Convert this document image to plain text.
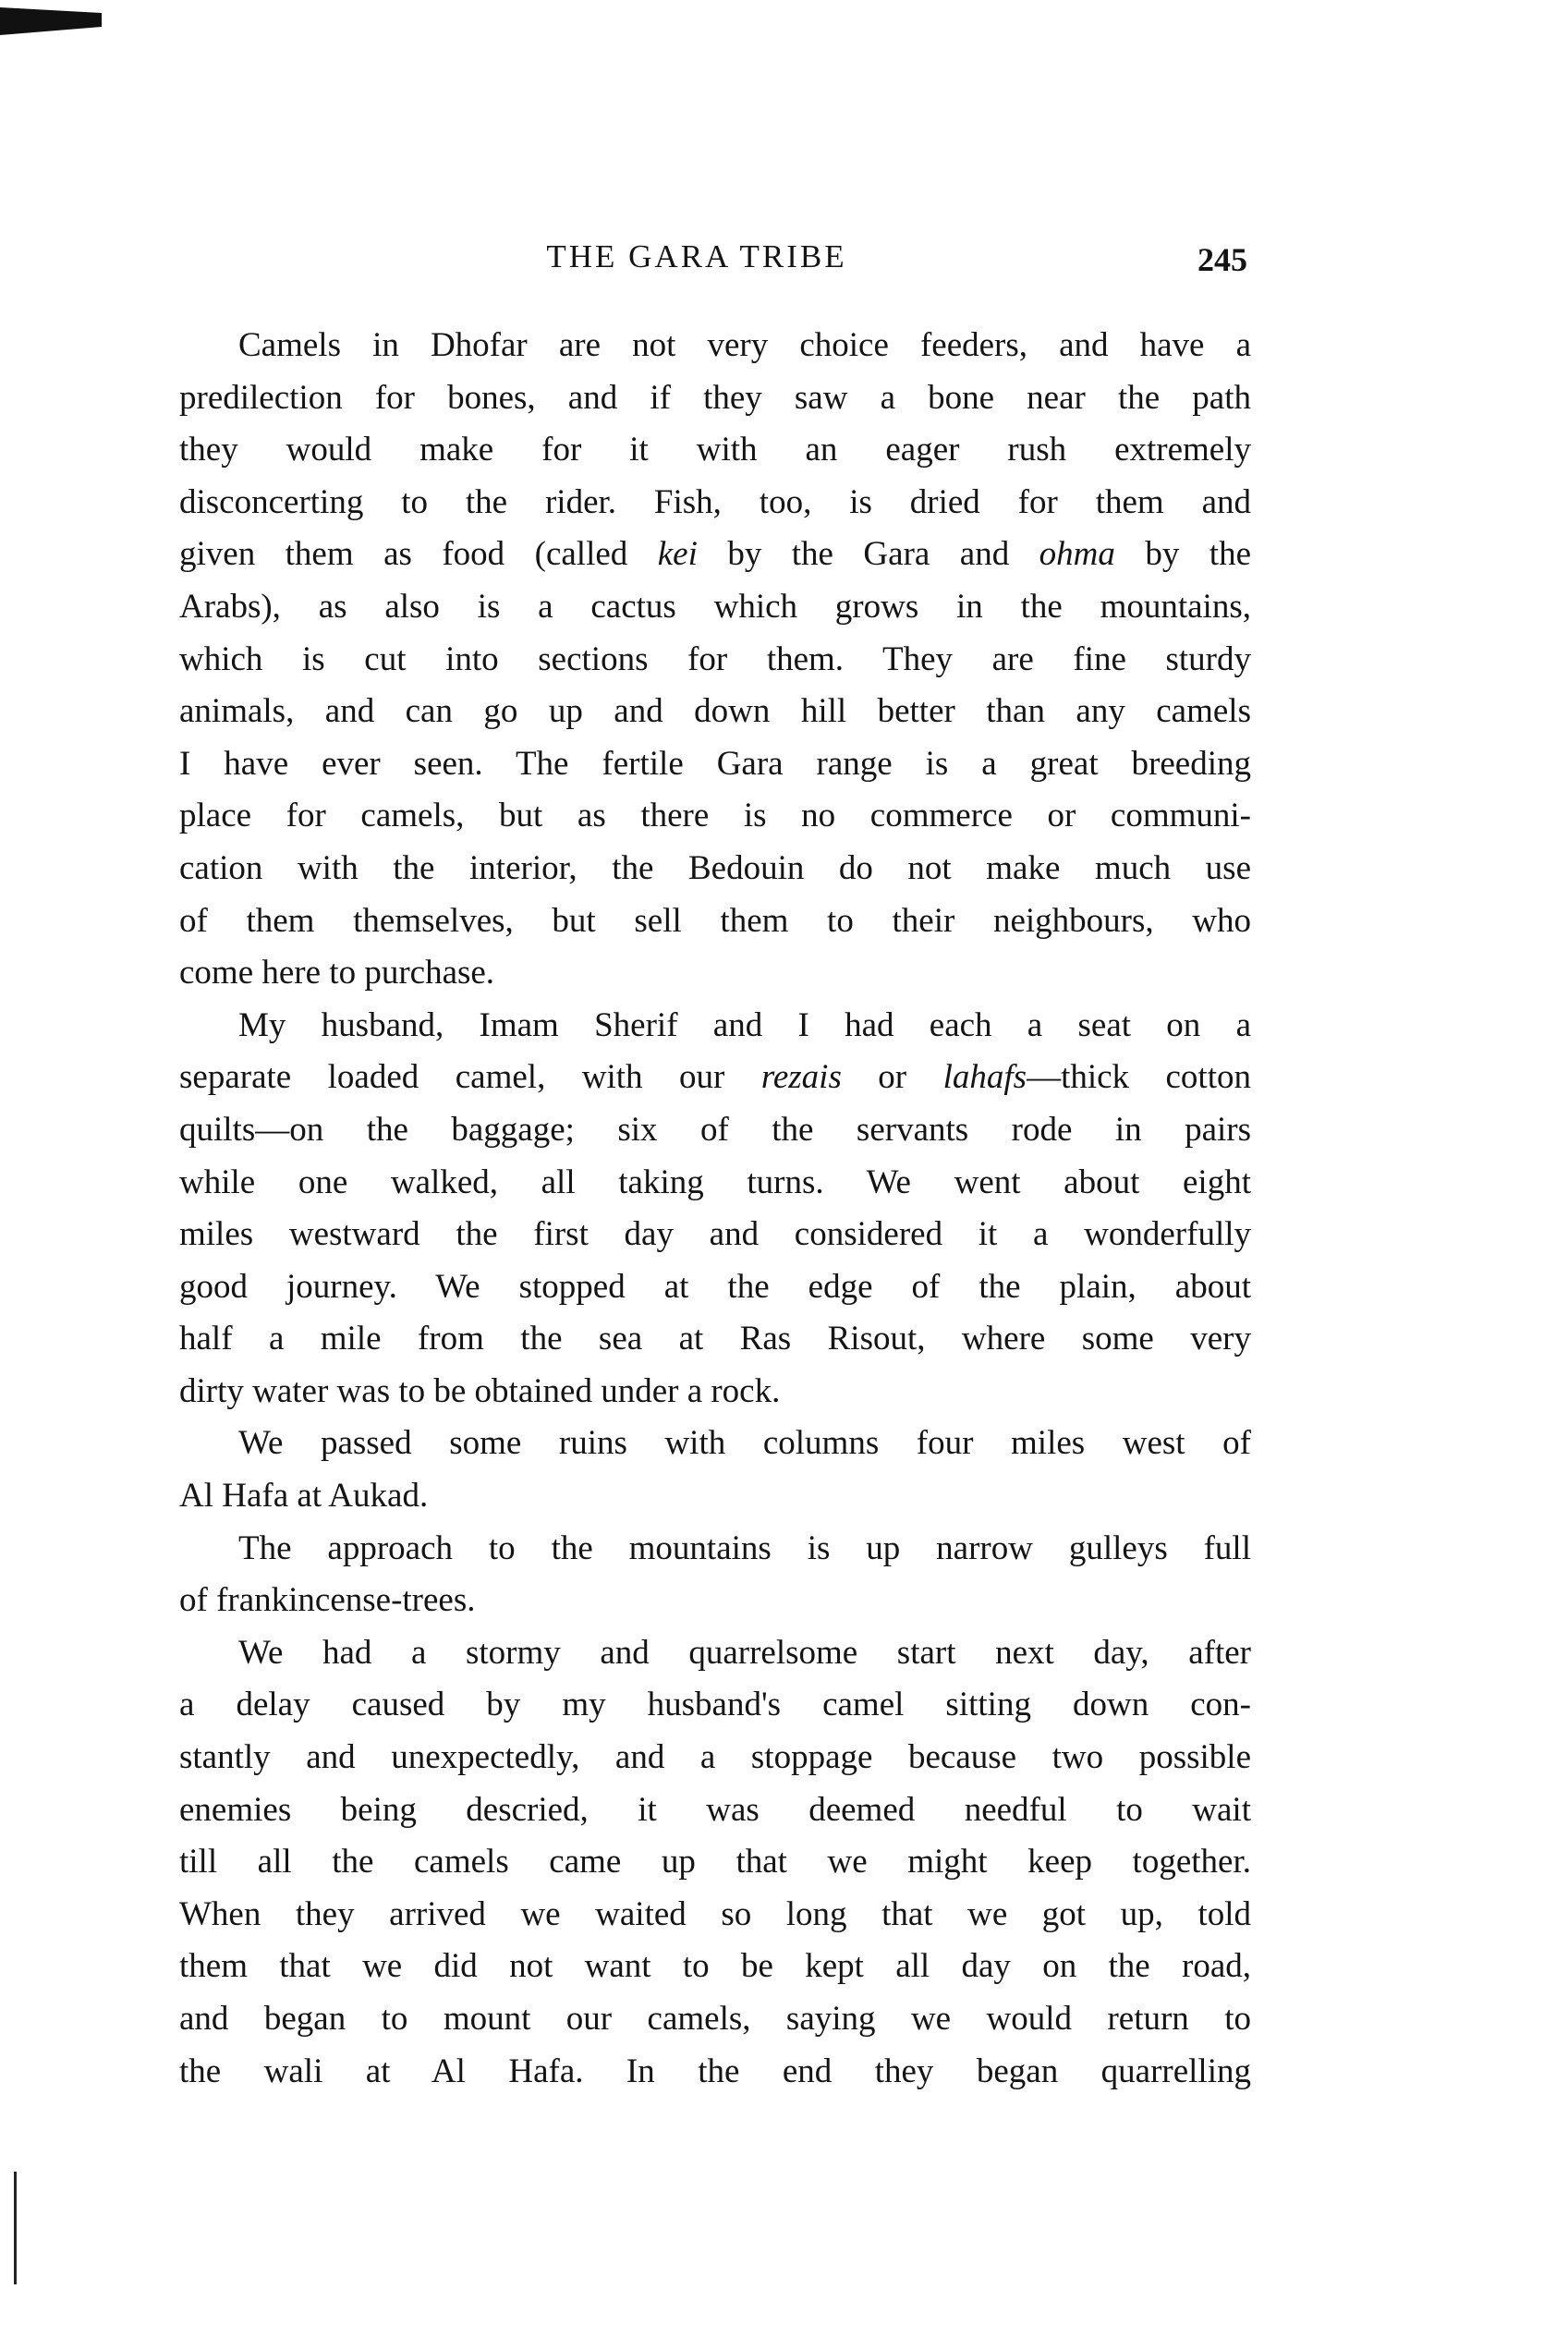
THE GARA TRIBE	245
Camels in Dhofar are not very choice feeders, and have a
predilection for bones, and if they saw a bone near the path
they would make for it with an eager rush extremely
disconcerting to the rider. Fish, too, is dried for them and
given them as food (called kei by the Gara and ohma by the
Arabs), as also is a cactus which grows in the mountains,
which is cut into sections for them. They are fine sturdy
animals, and can go up and down hill better than any camels
I have ever seen. The fertile Gara range is a great breeding
place for camels, but as there is no commerce or communi-
cation with the interior, the Bedouin do not make much use
of them themselves, but sell them to their neighbours, who
come here to purchase.
My husband, Imam Sherif and I had each a seat on a
separate loaded camel, with our rezais or lahafs—thick cotton
quilts—on the baggage; six of the servants rode in pairs
while one walked, all taking turns. We went about eight
miles westward the first day and considered it a wonderfully
good journey. We stopped at the edge of the plain, about
half a mile from the sea at Ras Risout, where some very
dirty water was to be obtained under a rock.
We passed some ruins with columns four miles west of
Al Hafa at Aukad.
The approach to the mountains is up narrow gulleys full
of frankincense-trees.
We had a stormy and quarrelsome start next day, after
a delay caused by my husband's camel sitting down con-
stantly and unexpectedly, and a stoppage because two possible
enemies being descried, it was deemed needful to wait
till all the camels came up that we might keep together.
When they arrived we waited so long that we got up, told
them that we did not want to be kept all day on the road,
and began to mount our camels, saying we would return to
the wali at Al Hafa. In the end they began quarrelling
